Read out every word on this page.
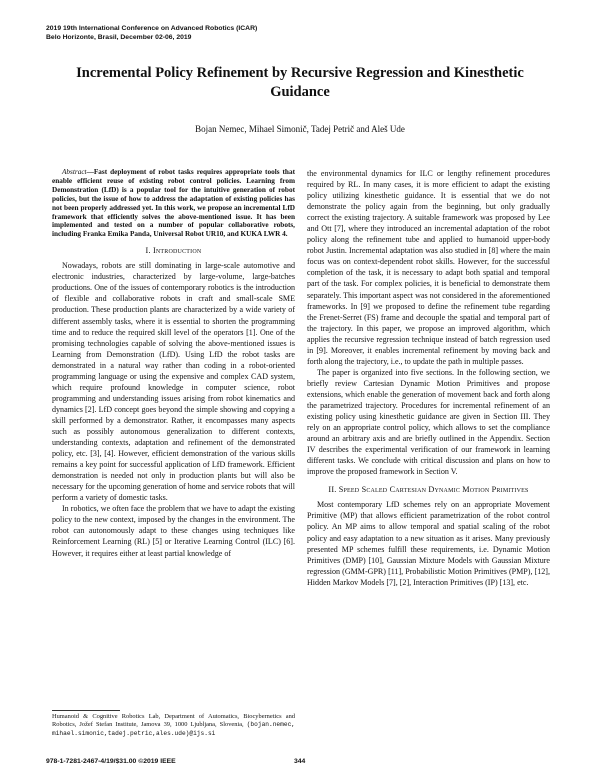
2019 19th International Conference on Advanced Robotics (ICAR)
Belo Horizonte, Brasil, December 02-06, 2019
Incremental Policy Refinement by Recursive Regression and Kinesthetic Guidance
Bojan Nemec, Mihael Simonič, Tadej Petrič and Aleš Ude

Abstract—Fast deployment of robot tasks requires appropriate tools that enable efficient reuse of existing robot control policies. Learning from Demonstration (LfD) is a popular tool for the intuitive generation of robot policies, but the issue of how to address the adaptation of existing policies has not been properly addressed yet. In this work, we propose an incremental LfD framework that efficiently solves the above-mentioned issue. It has been implemented and tested on a number of popular collaborative robots, including Franka Emika Panda, Universal Robot UR10, and KUKA LWR 4.

I. Introduction

Nowadays, robots are still dominating in large-scale automotive and electronic industries, characterized by large-volume, large-batches productions. One of the issues of contemporary robotics is the introduction of flexible and collaborative robots in craft and small-scale SME production. These production plants are characterized by a wide variety of different assembly tasks, where it is essential to shorten the programming time and to reduce the required skill level of the operators [1]. One of the promising technologies capable of solving the above-mentioned issues is Learning from Demonstration (LfD). Using LfD the robot tasks are demonstrated in a natural way rather than coding in a robot-oriented programming language or using the expensive and complex CAD system, which require profound knowledge in computer science, robot programming and understanding issues arising from robot kinematics and dynamics [2]. LfD concept goes beyond the simple showing and copying a skill performed by a demonstrator. Rather, it encompasses many aspects such as possibly autonomous generalization to different contexts, understanding contexts, adaptation and refinement of the demonstrated policy, etc. [3], [4]. However, efficient demonstration of the various skills remains a key point for successful application of LfD framework. Efficient demonstration is needed not only in production plants but will also be necessary for the upcoming generation of home and service robots that will perform a variety of domestic tasks.

In robotics, we often face the problem that we have to adapt the existing policy to the new context, imposed by the changes in the environment. The robot can autonomously adapt to these changes using techniques like Reinforcement Learning (RL) [5] or Iterative Learning Control (ILC) [6]. However, it requires either at least partial knowledge of

Humanoid & Cognitive Robotics Lab, Department of Automatics, Biocybernetics and Robotics, Jožef Stefan Institute, Jamova 39, 1000 Ljubljana, Slovenia, (bojan.nemec, mihael.simonic,tadej.petric,ales.ude)@ijs.si

the environmental dynamics for ILC or lengthy refinement procedures required by RL. In many cases, it is more efficient to adapt the existing policy utilizing kinesthetic guidance. It is essential that we do not demonstrate the policy again from the beginning, but only gradually correct the existing trajectory. A suitable framework was proposed by Lee and Ott [7], where they introduced an incremental adaptation of the robot policy along the refinement tube and applied to humanoid upper-body robot Justin. Incremental adaptation was also studied in [8] where the main focus was on context-dependent robot skills. However, for the successful completion of the task, it is necessary to adapt both spatial and temporal part of the task. For complex policies, it is beneficial to demonstrate them separately. This important aspect was not considered in the aforementioned frameworks. In [9] we proposed to define the refinement tube regarding the Frenet-Serret (FS) frame and decouple the spatial and temporal part of the trajectory. In this paper, we propose an improved algorithm, which applies the recursive regression technique instead of batch regression used in [9]. Moreover, it enables incremental refinement by moving back and forth along the trajectory, i.e., to update the path in multiple passes.

The paper is organized into five sections. In the following section, we briefly review Cartesian Dynamic Motion Primitives and propose extensions, which enable the generation of movement back and forth along the parametrized trajectory. Procedures for incremental refinement of an existing policy using kinesthetic guidance are given in Section III. They rely on an appropriate control policy, which allows to set the compliance around an arbitrary axis and are briefly outlined in the Appendix. Section IV describes the experimental verification of our framework in learning different tasks. We conclude with critical discussion and plans on how to improve the proposed framework in Section V.

II. Speed Scaled Cartesian Dynamic Motion Primitives

Most contemporary LfD schemes rely on an appropriate Movement Primitive (MP) that allows efficient parametrization of the robot control policy. An MP aims to allow temporal and spatial scaling of the robot policy and easy adaptation to a new situation as it arises. Many previously presented MP schemes fulfill these requirements, i.e. Dynamic Motion Primitives (DMP) [10], Gaussian Mixture Models with Gaussian Mixture regression (GMM-GPR) [11], Probabilistic Motion Primitives (PMP), [12], Hidden Markov Models [7], [2], Interaction Primitives (IP) [13], etc.

978-1-7281-2467-4/19/$31.00 ©2019 IEEE	344
